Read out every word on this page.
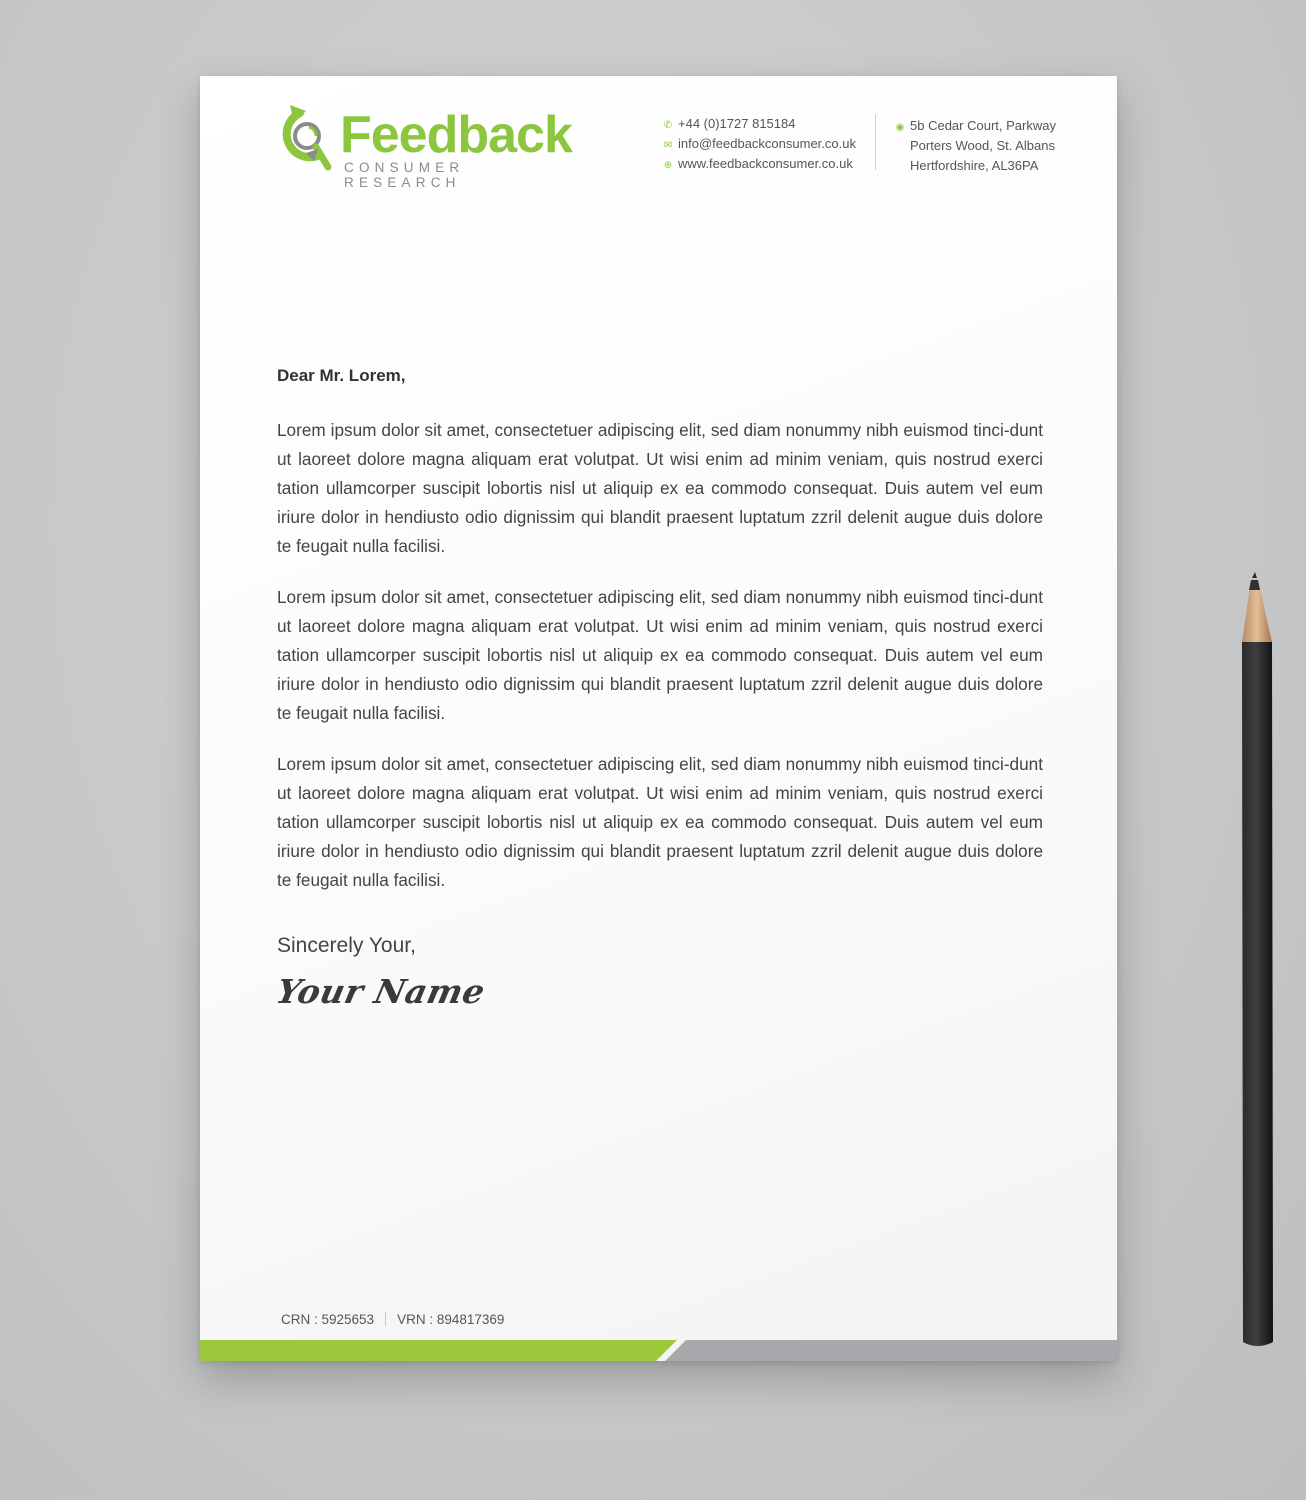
Feedback
CONSUMER RESEARCH
✆ +44 (0)1727 815184
✉ info@feedbackconsumer.co.uk
⊕ www.feedbackconsumer.co.uk
◉ 5b Cedar Court, Parkway
Porters Wood, St. Albans
Hertfordshire, AL36PA
Dear Mr. Lorem,

Lorem ipsum dolor sit amet, consectetuer adipiscing elit, sed diam nonummy nibh euismod tinci-dunt ut laoreet dolore magna aliquam erat volutpat. Ut wisi enim ad minim veniam, quis nostrud exerci tation ullamcorper suscipit lobortis nisl ut aliquip ex ea commodo consequat. Duis autem vel eum iriure dolor in hendiusto odio dignissim qui blandit praesent luptatum zzril delenit augue duis dolore te feugait nulla facilisi.

Lorem ipsum dolor sit amet, consectetuer adipiscing elit, sed diam nonummy nibh euismod tinci-dunt ut laoreet dolore magna aliquam erat volutpat. Ut wisi enim ad minim veniam, quis nostrud exerci tation ullamcorper suscipit lobortis nisl ut aliquip ex ea commodo consequat. Duis autem vel eum iriure dolor in hendiusto odio dignissim qui blandit praesent luptatum zzril delenit augue duis dolore te feugait nulla facilisi.

Lorem ipsum dolor sit amet, consectetuer adipiscing elit, sed diam nonummy nibh euismod tinci-dunt ut laoreet dolore magna aliquam erat volutpat. Ut wisi enim ad minim veniam, quis nostrud exerci tation ullamcorper suscipit lobortis nisl ut aliquip ex ea commodo consequat. Duis autem vel eum iriure dolor in hendiusto odio dignissim qui blandit praesent luptatum zzril delenit augue duis dolore te feugait nulla facilisi.

Sincerely Your,
Your Name
CRN : 5925653 VRN : 894817369
